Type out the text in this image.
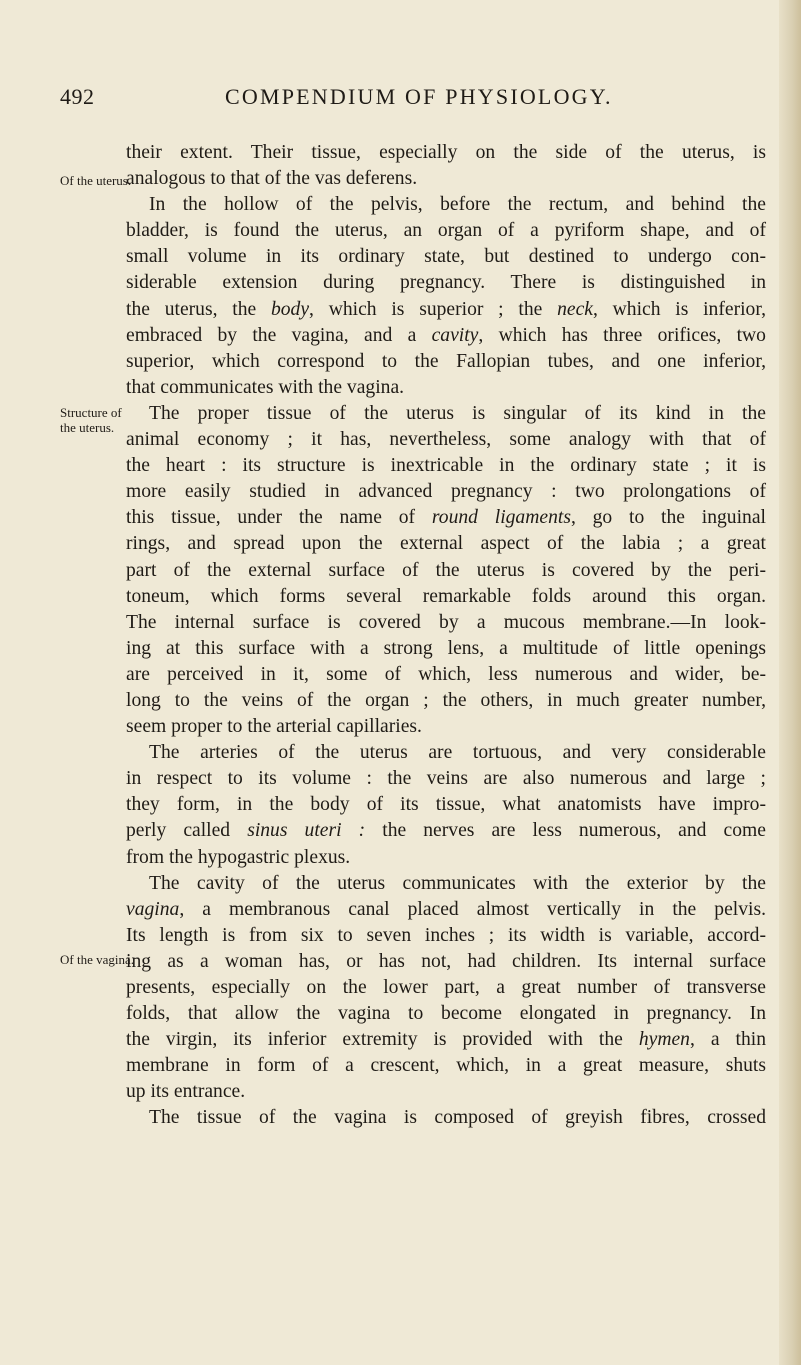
492	COMPENDIUM OF PHYSIOLOGY.
Of the uterus.
Structure of
the uterus.
Of the vagina.
their extent. Their tissue, especially on the side of the uterus, is
analogous to that of the vas deferens.
In the hollow of the pelvis, before the rectum, and behind the
bladder, is found the uterus, an organ of a pyriform shape, and of
small volume in its ordinary state, but destined to undergo con-
siderable extension during pregnancy. There is distinguished in
the uterus, the body, which is superior ; the neck, which is inferior,
embraced by the vagina, and a cavity, which has three orifices, two
superior, which correspond to the Fallopian tubes, and one inferior,
that communicates with the vagina.
The proper tissue of the uterus is singular of its kind in the
animal economy ; it has, nevertheless, some analogy with that of
the heart : its structure is inextricable in the ordinary state ; it is
more easily studied in advanced pregnancy : two prolongations of
this tissue, under the name of round ligaments, go to the inguinal
rings, and spread upon the external aspect of the labia ; a great
part of the external surface of the uterus is covered by the peri-
toneum, which forms several remarkable folds around this organ.
The internal surface is covered by a mucous membrane.—In look-
ing at this surface with a strong lens, a multitude of little openings
are perceived in it, some of which, less numerous and wider, be-
long to the veins of the organ ; the others, in much greater number,
seem proper to the arterial capillaries.
The arteries of the uterus are tortuous, and very considerable
in respect to its volume : the veins are also numerous and large ;
they form, in the body of its tissue, what anatomists have impro-
perly called sinus uteri : the nerves are less numerous, and come
from the hypogastric plexus.
The cavity of the uterus communicates with the exterior by the
vagina, a membranous canal placed almost vertically in the pelvis.
Its length is from six to seven inches ; its width is variable, accord-
ing as a woman has, or has not, had children. Its internal surface
presents, especially on the lower part, a great number of transverse
folds, that allow the vagina to become elongated in pregnancy. In
the virgin, its inferior extremity is provided with the hymen, a thin
membrane in form of a crescent, which, in a great measure, shuts
up its entrance.
The tissue of the vagina is composed of greyish fibres, crossed
